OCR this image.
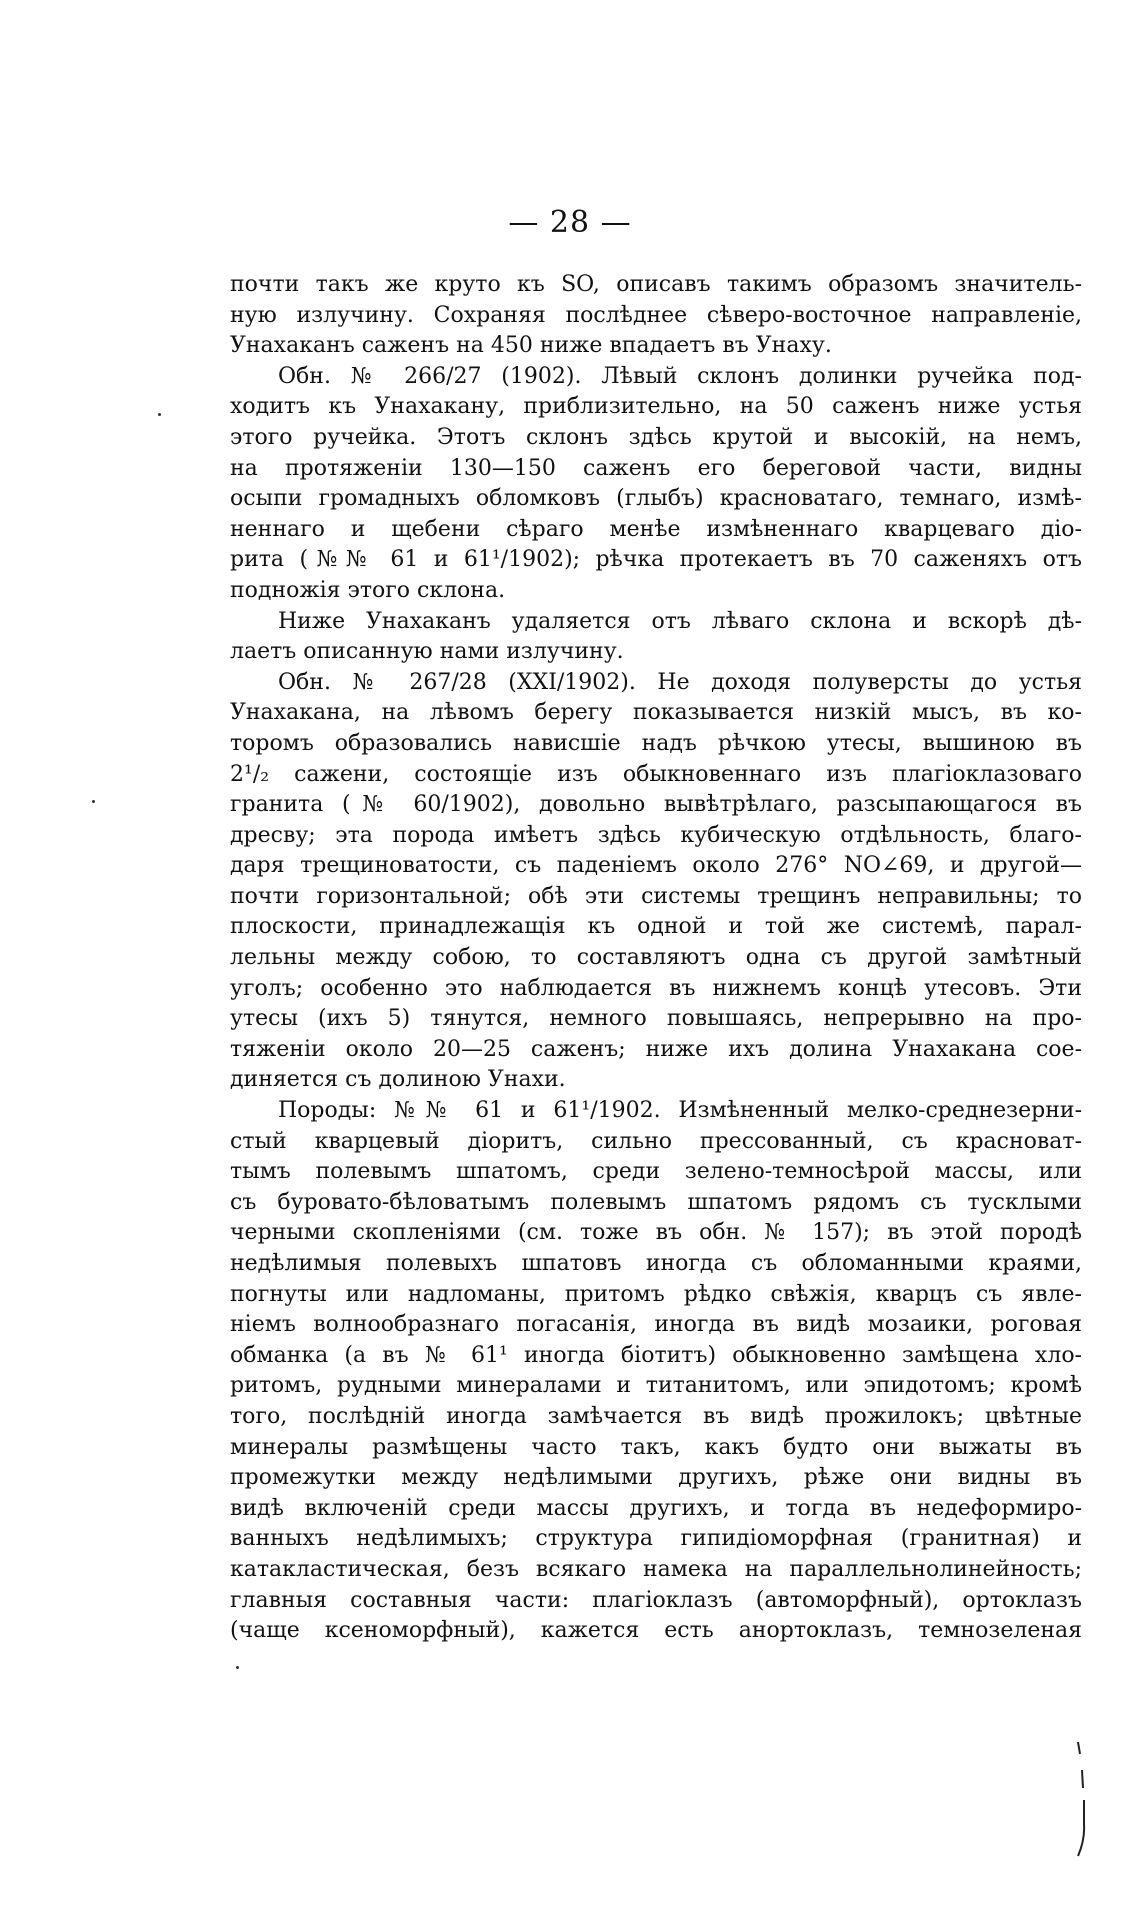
— 28 —
почти такъ же круто къ SO, описавъ такимъ образомъ значитель-
ную излучину. Сохраняя послѣднее сѣверо-восточное направленіе,
Унахаканъ саженъ на 450 ниже впадаетъ въ Унаху.
Обн. № 266/27 (1902). Лѣвый склонъ долинки ручейка под-
ходитъ къ Унахакану, приблизительно, на 50 саженъ ниже устья
этого ручейка. Этотъ склонъ здѣсь крутой и высокій, на немъ,
на протяженіи 130—150 саженъ его береговой части, видны
осыпи громадныхъ обломковъ (глыбъ) красноватаго, темнаго, измѣ-
неннаго и щебени сѣраго менѣе измѣненнаго кварцеваго діо-
рита (№№ 61 и 61¹/1902); рѣчка протекаетъ въ 70 саженяхъ отъ
подножія этого склона.
Ниже Унахаканъ удаляется отъ лѣваго склона и вскорѣ дѣ-
лаетъ описанную нами излучину.
Обн. № 267/28 (XXI/1902). Не доходя полуверсты до устья
Унахакана, на лѣвомъ берегу показывается низкій мысъ, въ ко-
торомъ образовались нависшіе надъ рѣчкою утесы, вышиною въ
2¹/₂ сажени, состоящіе изъ обыкновеннаго изъ плагіоклазоваго
гранита (№ 60/1902), довольно вывѣтрѣлаго, разсыпающагося въ
дресву; эта порода имѣетъ здѣсь кубическую отдѣльность, благо-
даря трещиноватости, съ паденіемъ около 276° NO∠69, и другой—
почти горизонтальной; обѣ эти системы трещинъ неправильны; то
плоскости, принадлежащія къ одной и той же системѣ, парал-
лельны между собою, то составляютъ одна съ другой замѣтный
уголъ; особенно это наблюдается въ нижнемъ концѣ утесовъ. Эти
утесы (ихъ 5) тянутся, немного повышаясь, непрерывно на про-
тяженіи около 20—25 саженъ; ниже ихъ долина Унахакана сое-
диняется съ долиною Унахи.
Породы: №№ 61 и 61¹/1902. Измѣненный мелко-среднезерни-
стый кварцевый діоритъ, сильно прессованный, съ красноват-
тымъ полевымъ шпатомъ, среди зелено-темносѣрой массы, или
съ буровато-бѣловатымъ полевымъ шпатомъ рядомъ съ тусклыми
черными скопленіями (см. тоже въ обн. № 157); въ этой породѣ
недѣлимыя полевыхъ шпатовъ иногда съ обломанными краями,
погнуты или надломаны, притомъ рѣдко свѣжія, кварцъ съ явле-
ніемъ волнообразнаго погасанія, иногда въ видѣ мозаики, роговая
обманка (а въ № 61¹ иногда біотитъ) обыкновенно замѣщена хло-
ритомъ, рудными минералами и титанитомъ, или эпидотомъ; кромѣ
того, послѣдній иногда замѣчается въ видѣ прожилокъ; цвѣтные
минералы размѣщены часто такъ, какъ будто они выжаты въ
промежутки между недѣлимыми другихъ, рѣже они видны въ
видѣ включеній среди массы другихъ, и тогда въ недеформиро-
ванныхъ недѣлимыхъ; структура гипидіоморфная (гранитная) и
катакластическая, безъ всякаго намека на параллельнолинейность;
главныя составныя части: плагіоклазъ (автоморфный), ортоклазъ
(чаще ксеноморфный), кажется есть анортоклазъ, темнозеленая
